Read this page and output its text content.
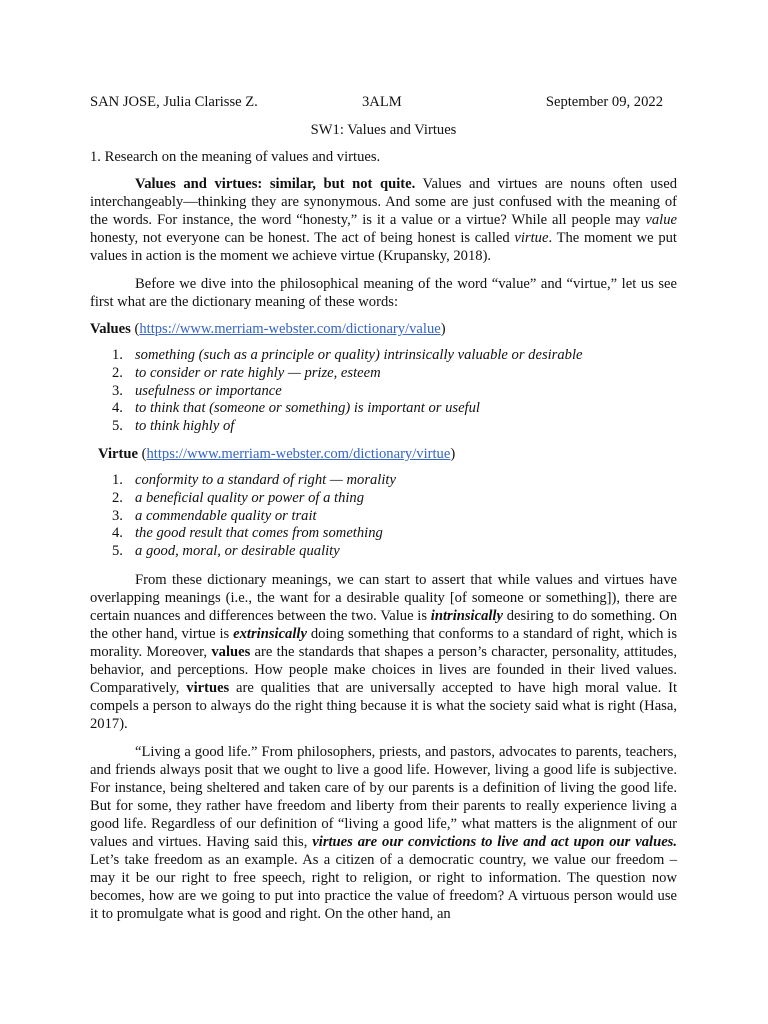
SAN JOSE, Julia Clarisse Z.	3ALM	September 09, 2022
SW1: Values and Virtues
1. Research on the meaning of values and virtues.

Values and virtues: similar, but not quite. Values and virtues are nouns often used interchangeably—thinking they are synonymous. And some are just confused with the meaning of the words. For instance, the word “honesty,” is it a value or a virtue? While all people may value honesty, not everyone can be honest. The act of being honest is called virtue. The moment we put values in action is the moment we achieve virtue (Krupansky, 2018).

Before we dive into the philosophical meaning of the word “value” and “virtue,” let us see first what are the dictionary meaning of these words:

Values (https://www.merriam-webster.com/dictionary/value)
1. something (such as a principle or quality) intrinsically valuable or desirable
2. to consider or rate highly — prize, esteem
3. usefulness or importance
4. to think that (someone or something) is important or useful
5. to think highly of
Virtue (https://www.merriam-webster.com/dictionary/virtue)
1. conformity to a standard of right — morality
2. a beneficial quality or power of a thing
3. a commendable quality or trait
4. the good result that comes from something
5. a good, moral, or desirable quality

From these dictionary meanings, we can start to assert that while values and virtues have overlapping meanings (i.e., the want for a desirable quality [of someone or something]), there are certain nuances and differences between the two. Value is intrinsically desiring to do something. On the other hand, virtue is extrinsically doing something that conforms to a standard of right, which is morality. Moreover, values are the standards that shapes a person’s character, personality, attitudes, behavior, and perceptions. How people make choices in lives are founded in their lived values. Comparatively, virtues are qualities that are universally accepted to have high moral value. It compels a person to always do the right thing because it is what the society said what is right (Hasa, 2017).

“Living a good life.” From philosophers, priests, and pastors, advocates to parents, teachers, and friends always posit that we ought to live a good life. However, living a good life is subjective. For instance, being sheltered and taken care of by our parents is a definition of living the good life. But for some, they rather have freedom and liberty from their parents to really experience living a good life. Regardless of our definition of “living a good life,” what matters is the alignment of our values and virtues. Having said this, virtues are our convictions to live and act upon our values. Let’s take freedom as an example. As a citizen of a democratic country, we value our freedom – may it be our right to free speech, right to religion, or right to information. The question now becomes, how are we going to put into practice the value of freedom? A virtuous person would use it to promulgate what is good and right. On the other hand, an
